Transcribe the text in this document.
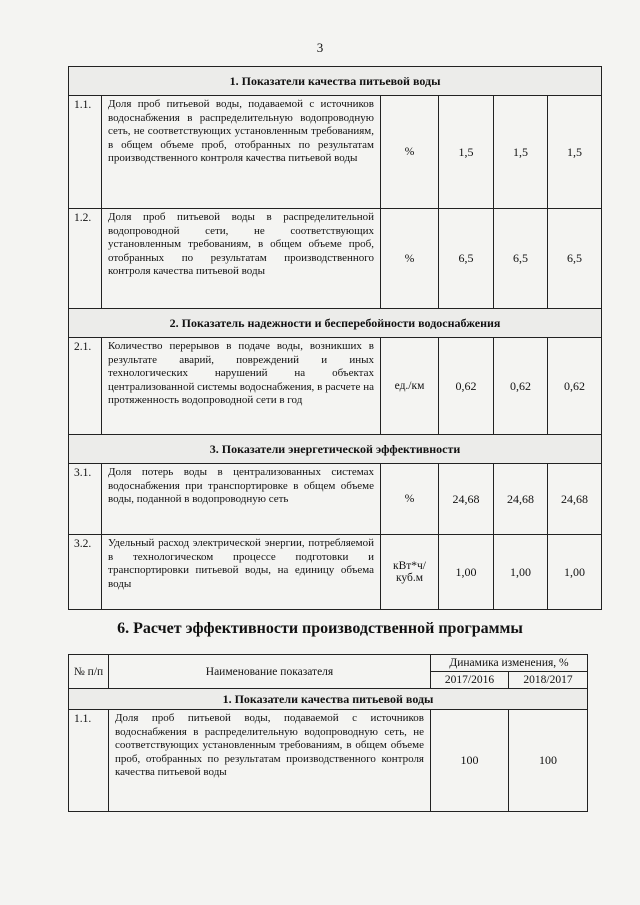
3
1. Показатели качества питьевой воды					
1.1.	Доля проб питьевой воды, подаваемой с источников водоснабжения в распределительную водопроводную сеть, не соответствующих установленным требованиям, в общем объеме проб, отобранных по результатам производственного контроля качества питьевой воды	%	1,5	1,5	1,5
1.2.	Доля проб питьевой воды в распределительной водопроводной сети, не соответствующих установленным требованиям, в общем объеме проб, отобранных по результатам производственного контроля качества питьевой воды	%	6,5	6,5	6,5
2. Показатель надежности и бесперебойности водоснабжения					
2.1.	Количество перерывов в подаче воды, возникших в результате аварий, повреждений и иных технологических нарушений на объектах централизованной системы водоснабжения, в расчете на протяженность водопроводной сети в год	ед./км	0,62	0,62	0,62
3. Показатели энергетической эффективности					
3.1.	Доля потерь воды в централизованных системах водоснабжения при транспортировке в общем объеме воды, поданной в водопроводную сеть	%	24,68	24,68	24,68
3.2.	Удельный расход электрической энергии, потребляемой в технологическом процессе подготовки и транспортировки питьевой воды, на единицу объема воды	кВт*ч/ куб.м	1,00	1,00	1,00
6. Расчет эффективности производственной программы
№ п/п	Наименование показателя	Динамика изменения, %	
		2017/2016	2018/2017
1. Показатели качества питьевой воды			
1.1.	Доля проб питьевой воды, подаваемой с источников водоснабжения в распределительную водопроводную сеть, не соответствующих установленным требованиям, в общем объеме проб, отобранных по результатам производственного контроля качества питьевой воды	100	100
